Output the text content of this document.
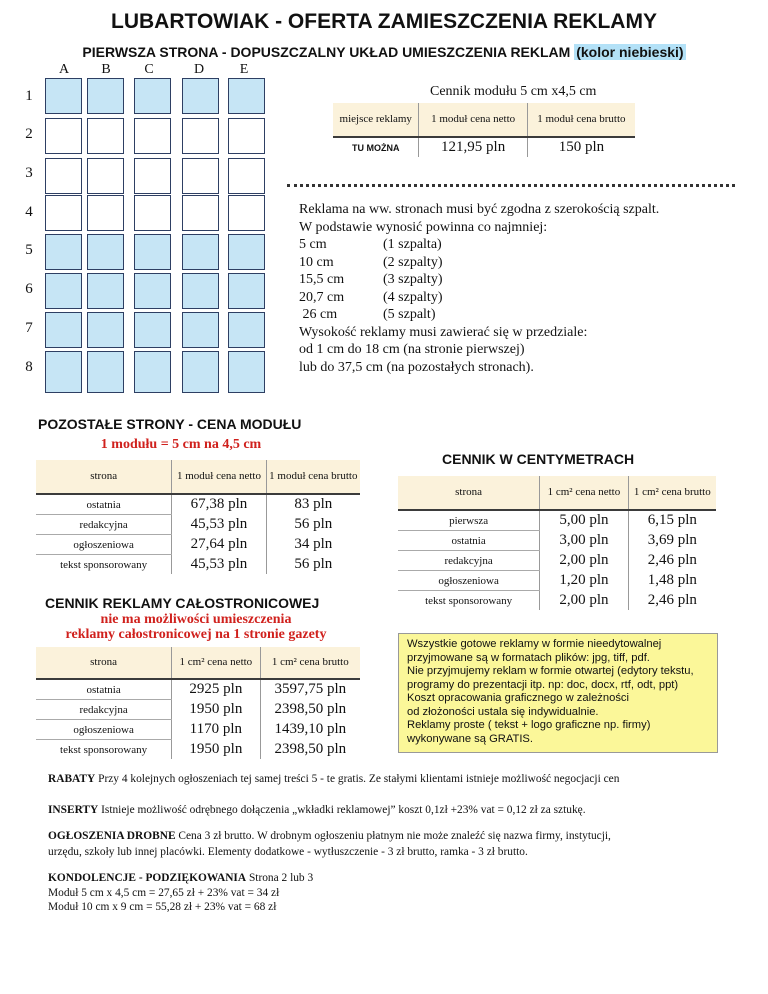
LUBARTOWIAK - OFERTA ZAMIESZCZENIA REKLAMY
PIERWSZA STRONA - DOPUSZCZALNY UKŁAD UMIESZCZENIA REKLAM (kolor niebieski)
A	B	C	D	E
1
2
3
4
5
6
7
8
Cennik modułu 5 cm x4,5 cm
miejsce reklamy	1 moduł cena netto	1 moduł cena brutto
TU MOŻNA	121,95 pln	150 pln
Reklama na ww. stronach musi być zgodna z szerokością szpalt.
W podstawie wynosić powinna co najmniej:
5 cm	(1 szpalta)
10 cm	(2 szpalty)
15,5 cm	(3 szpalty)
20,7 cm	(4 szpalty)
26 cm	(5 szpalt)
Wysokość reklamy musi zawierać się w przedziale:
od 1 cm do 18 cm (na stronie pierwszej)
lub do 37,5 cm (na pozostałych stronach).
POZOSTAŁE STRONY - CENA MODUŁU
1 modułu = 5 cm na 4,5 cm
strona	1 moduł cena netto	1 moduł cena brutto
ostatnia	67,38 pln	83 pln
redakcyjna	45,53 pln	56 pln
ogłoszeniowa	27,64 pln	34 pln
tekst sponsorowany	45,53 pln	56 pln
CENNIK W CENTYMETRACH
strona	1 cm² cena netto	1 cm² cena brutto
pierwsza	5,00 pln	6,15 pln
ostatnia	3,00 pln	3,69 pln
redakcyjna	2,00 pln	2,46 pln
ogłoszeniowa	1,20 pln	1,48 pln
tekst sponsorowany	2,00 pln	2,46 pln
CENNIK REKLAMY CAŁOSTRONICOWEJ
nie ma możliwości umieszczenia
reklamy całostronicowej na 1 stronie gazety
strona	1 cm² cena netto	1 cm² cena brutto
ostatnia	2925 pln	3597,75 pln
redakcyjna	1950 pln	2398,50 pln
ogłoszeniowa	1170 pln	1439,10 pln
tekst sponsorowany	1950 pln	2398,50 pln
Wszystkie gotowe reklamy w formie nieedytowalnej
przyjmowane są w formatach plików: jpg, tiff, pdf.
Nie przyjmujemy reklam w formie otwartej (edytory tekstu,
programy do prezentacji itp. np: doc, docx, rtf, odt, ppt)
Koszt opracowania graficznego w zależności
od złożoności ustala się indywidualnie.
Reklamy proste ( tekst + logo graficzne np. firmy)
wykonywane są GRATIS.
RABATY Przy 4 kolejnych ogłoszeniach tej samej treści 5 - te gratis. Ze stałymi klientami istnieje możliwość negocjacji cen
INSERTY Istnieje możliwość odrębnego dołączenia „wkładki reklamowej” koszt 0,1zł +23% vat = 0,12 zł za sztukę.
OGŁOSZENIA DROBNE Cena 3 zł brutto. W drobnym ogłoszeniu płatnym nie może znaleźć się nazwa firmy, instytucji,
urzędu, szkoły lub innej placówki. Elementy dodatkowe - wytłuszczenie - 3 zł brutto, ramka - 3 zł brutto.
KONDOLENCJE - PODZIĘKOWANIA Strona 2 lub 3
Moduł 5 cm x 4,5 cm = 27,65 zł + 23% vat = 34 zł
Moduł 10 cm x 9 cm = 55,28 zł + 23% vat = 68 zł
